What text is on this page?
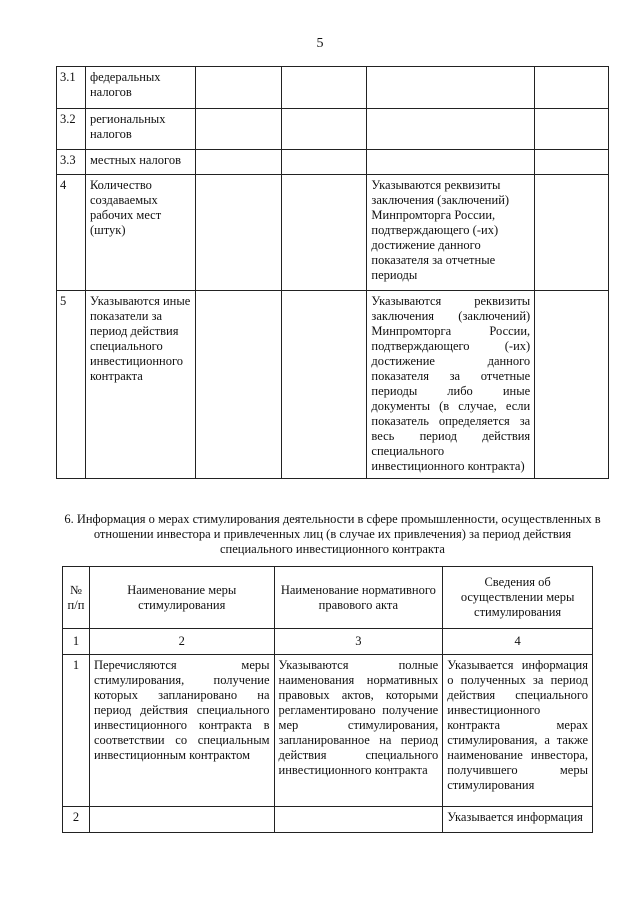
5
3.1	федеральных налогов				
3.2	региональных налогов				
3.3	местных налогов				
4	Количество создаваемых рабочих мест (штук)			Указываются реквизиты заключения (заключений) Минпромторга России, подтверждающего (-их) достижение данного показателя за отчетные периоды	
5	Указываются иные показатели за период действия специального инвестиционного контракта			Указываются реквизиты заключения (заключений) Минпромторга России, подтверждающего (-их) достижение данного показателя за отчетные периоды либо иные документы (в случае, если показатель определяется за весь период действия специального инвестиционного контракта)	
6. Информация о мерах стимулирования деятельности в сфере промышленности, осуществленных в отношении инвестора и привлеченных лиц (в случае их привлечения) за период действия специального инвестиционного контракта
№ п/п	Наименование меры стимулирования	Наименование нормативного правового акта	Сведения об осуществлении меры стимулирования
1	2	3	4
1	Перечисляются меры стимулирования, получение которых запланировано на период действия специального инвестиционного контракта в соответствии со специальным инвестиционным контрактом	Указываются полные наименования нормативных правовых актов, которыми регламентировано получение мер стимулирования, запланированное на период действия специального инвестиционного контракта	Указывается информация о полученных за период действия специального инвестиционного контракта мерах стимулирования, а также наименование инвестора, получившего меры стимулирования
2			Указывается информация
